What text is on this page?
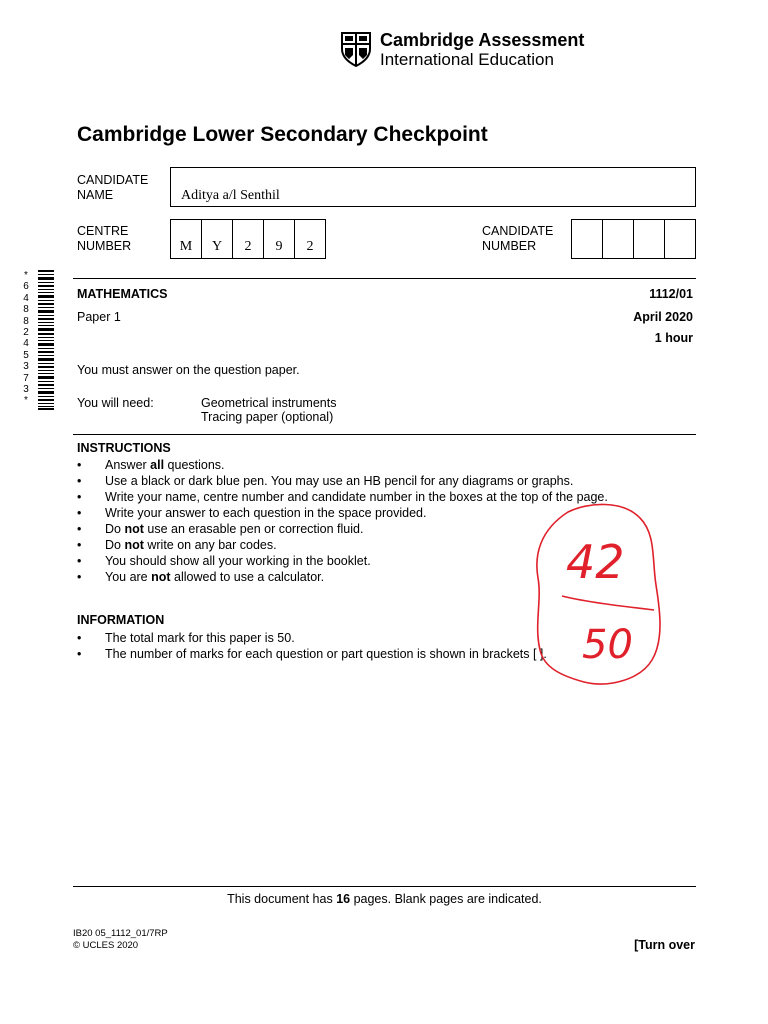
Cambridge Assessment
International Education
Cambridge Lower Secondary Checkpoint
CANDIDATE
NAME	Aditya a/l Senthil
CENTRE
NUMBER	M	Y	2	9	2
CANDIDATE
NUMBER
*
6
4
8
8
2
4
5
3
7
3
*
MATHEMATICS	1112/01
Paper 1	April 2020
1 hour
You must answer on the question paper.
You will need:	Geometrical instruments
Tracing paper (optional)
INSTRUCTIONS
• Answer all questions.
• Use a black or dark blue pen. You may use an HB pencil for any diagrams or graphs.
• Write your name, centre number and candidate number in the boxes at the top of the page.
• Write your answer to each question in the space provided.
• Do not use an erasable pen or correction fluid.
• Do not write on any bar codes.
• You should show all your working in the booklet.
• You are not allowed to use a calculator.
INFORMATION
• The total mark for this paper is 50.
• The number of marks for each question or part question is shown in brackets [ ].
42
50
This document has 16 pages. Blank pages are indicated.
IB20 05_1112_01/7RP
© UCLES 2020	[Turn over
